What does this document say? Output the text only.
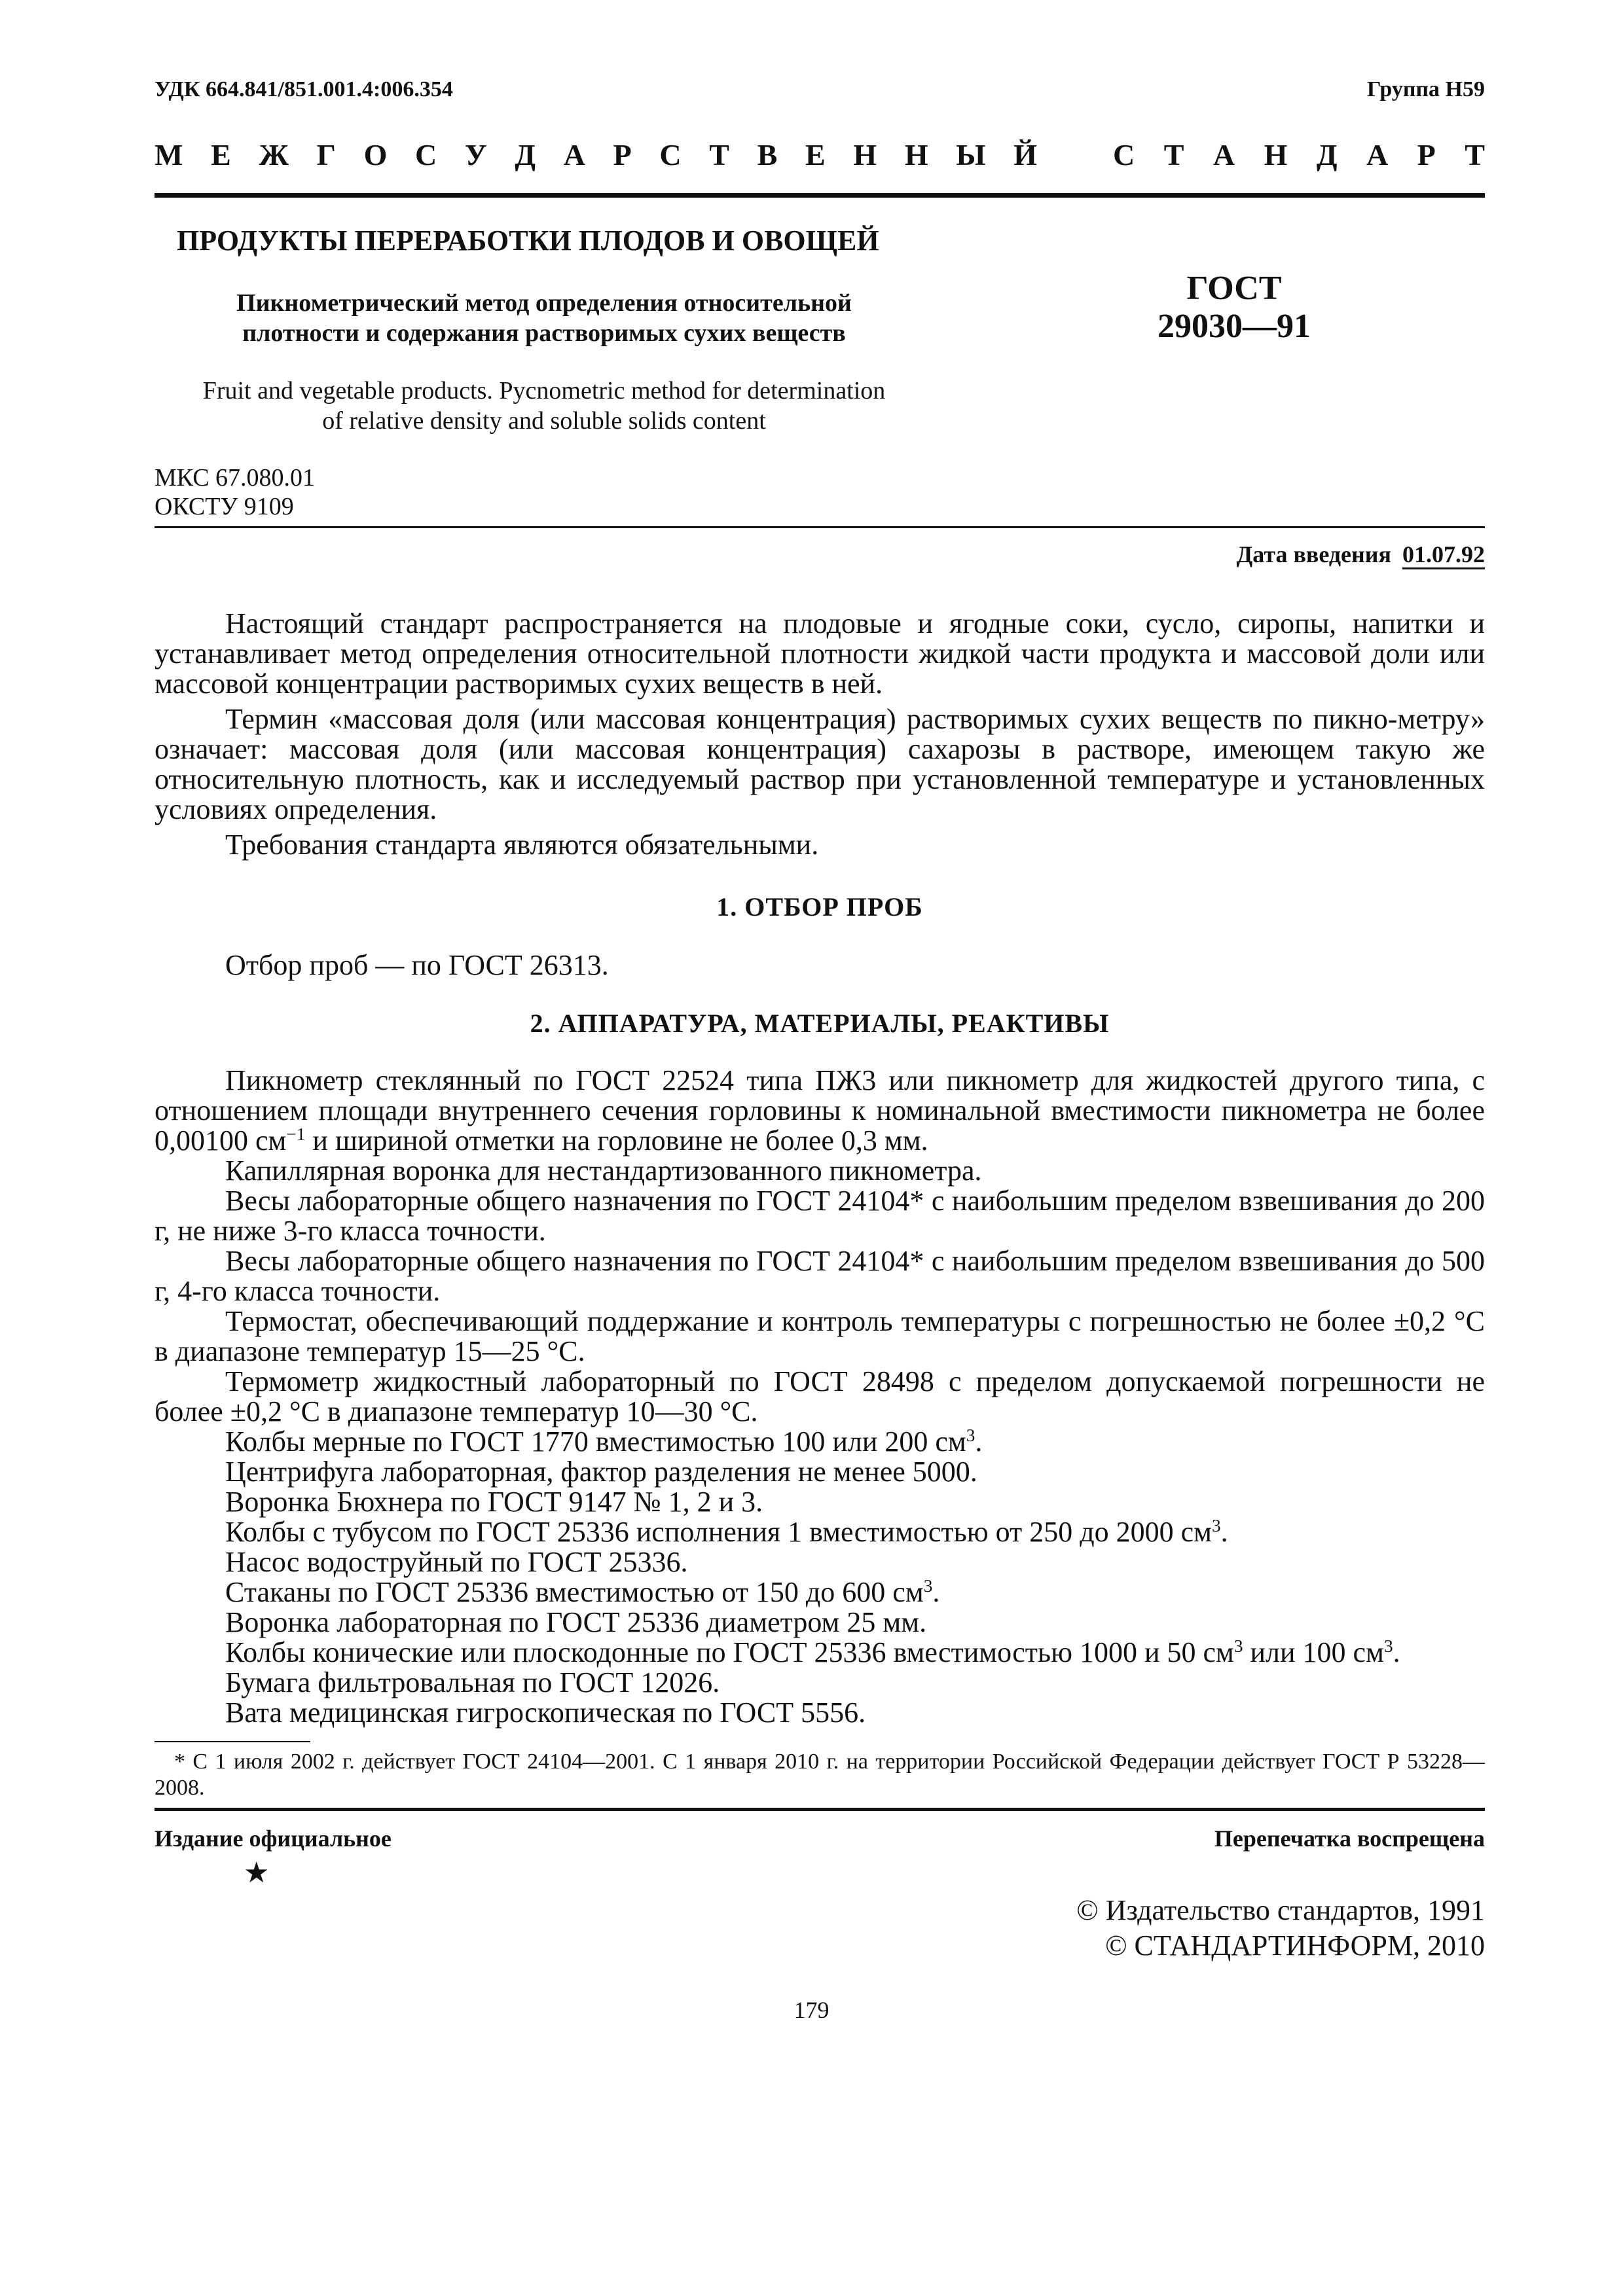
УДК 664.841/851.001.4:006.354	Группа Н59
М Е Ж Г О С У Д А Р С Т В Е Н Н Ы Й	С Т А Н Д А Р Т
ПРОДУКТЫ ПЕРЕРАБОТКИ ПЛОДОВ И ОВОЩЕЙ
Пикнометрический метод определения относительной
плотности и содержания растворимых сухих веществ
Fruit and vegetable products. Pycnometric method for determination
of relative density and soluble solids content
ГОСТ
29030—91
МКС 67.080.01
ОКСТУ 9109
Дата введения 01.07.92
Настоящий стандарт распространяется на плодовые и ягодные соки, сусло, сиропы, напитки и устанавливает метод определения относительной плотности жидкой части продукта и массовой доли или массовой концентрации растворимых сухих веществ в ней.
Термин «массовая доля (или массовая концентрация) растворимых сухих веществ по пикно-метру» означает: массовая доля (или массовая концентрация) сахарозы в растворе, имеющем такую же относительную плотность, как и исследуемый раствор при установленной температуре и установленных условиях определения.
Требования стандарта являются обязательными.
1. ОТБОР ПРОБ
Отбор проб — по ГОСТ 26313.
2. АППАРАТУРА, МАТЕРИАЛЫ, РЕАКТИВЫ
Пикнометр стеклянный по ГОСТ 22524 типа ПЖ3 или пикнометр для жидкостей другого типа, с отношением площади внутреннего сечения горловины к номинальной вместимости пикнометра не более 0,00100 $см^{-1}$ и шириной отметки на горловине не более 0,3 мм.
Капиллярная воронка для нестандартизованного пикнометра.
Весы лабораторные общего назначения по ГОСТ 24104* с наибольшим пределом взвешивания до 200 г, не ниже 3-го класса точности.
Весы лабораторные общего назначения по ГОСТ 24104* с наибольшим пределом взвешивания до 500 г, 4-го класса точности.
Термостат, обеспечивающий поддержание и контроль температуры с погрешностью не более ±0,2 °С в диапазоне температур 15—25 °С.
Термометр жидкостный лабораторный по ГОСТ 28498 с пределом допускаемой погрешности не более ±0,2 °С в диапазоне температур 10—30 °С.
Колбы мерные по ГОСТ 1770 вместимостью 100 или 200 $см^3$.
Центрифуга лабораторная, фактор разделения не менее 5000.
Воронка Бюхнера по ГОСТ 9147 № 1, 2 и 3.
Колбы с тубусом по ГОСТ 25336 исполнения 1 вместимостью от 250 до 2000 $см^3$.
Насос водоструйный по ГОСТ 25336.
Стаканы по ГОСТ 25336 вместимостью от 150 до 600 $см^3$.
Воронка лабораторная по ГОСТ 25336 диаметром 25 мм.
Колбы конические или плоскодонные по ГОСТ 25336 вместимостью 1000 и 50 $см^3$ или 100 $см^3$.
Бумага фильтровальная по ГОСТ 12026.
Вата медицинская гигроскопическая по ГОСТ 5556.
* С 1 июля 2002 г. действует ГОСТ 24104—2001. С 1 января 2010 г. на территории Российской Федерации действует ГОСТ Р 53228—2008.
Издание официальное	Перепечатка воспрещена
★
© Издательство стандартов, 1991
© СТАНДАРТИНФОРМ, 2010
179
